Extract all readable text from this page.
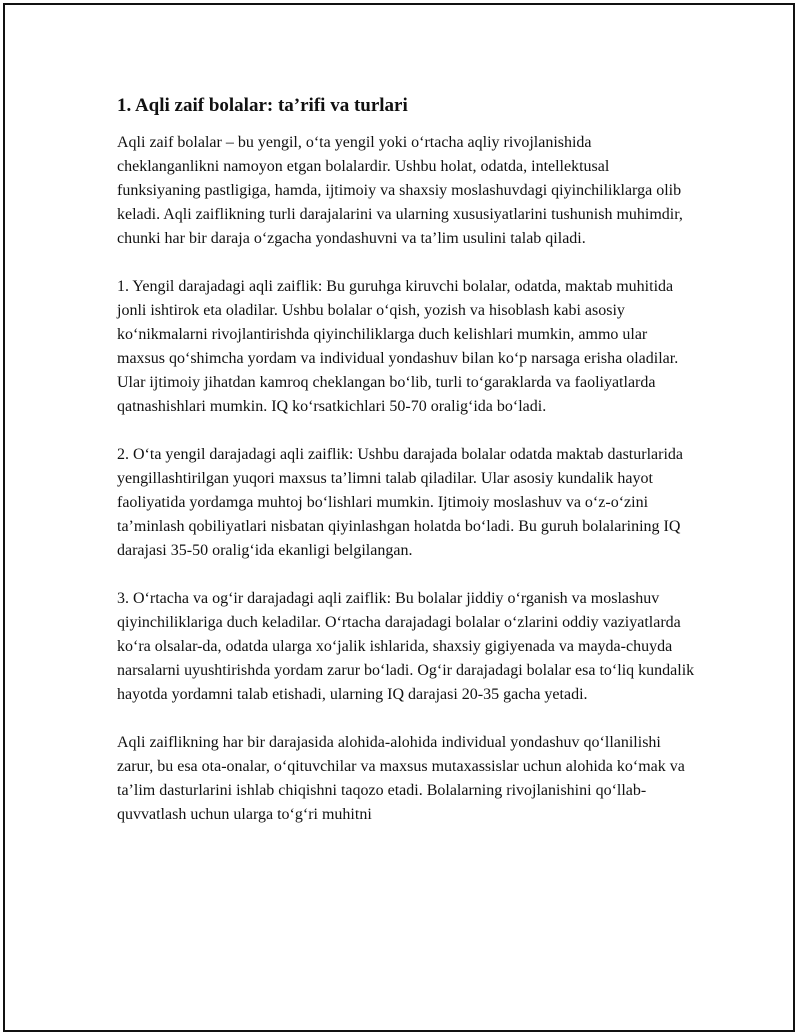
1. Aqli zaif bolalar: ta’rifi va turlari

Aqli zaif bolalar – bu yengil, o‘ta yengil yoki o‘rtacha aqliy rivojlanishida cheklanganlikni namoyon etgan bolalardir. Ushbu holat, odatda, intellektusal funksiyaning pastligiga, hamda, ijtimoiy va shaxsiy moslashuvdagi qiyinchiliklarga olib keladi. Aqli zaiflikning turli darajalarini va ularning xususiyatlarini tushunish muhimdir, chunki har bir daraja o‘zgacha yondashuvni va ta’lim usulini talab qiladi.

1. Yengil darajadagi aqli zaiflik: Bu guruhga kiruvchi bolalar, odatda, maktab muhitida jonli ishtirok eta oladilar. Ushbu bolalar o‘qish, yozish va hisoblash kabi asosiy ko‘nikmalarni rivojlantirishda qiyinchiliklarga duch kelishlari mumkin, ammo ular maxsus qo‘shimcha yordam va individual yondashuv bilan ko‘p narsaga erisha oladilar. Ular ijtimoiy jihatdan kamroq cheklangan bo‘lib, turli to‘garaklarda va faoliyatlarda qatnashishlari mumkin. IQ ko‘rsatkichlari 50-70 oralig‘ida bo‘ladi.

2. O‘ta yengil darajadagi aqli zaiflik: Ushbu darajada bolalar odatda maktab dasturlarida yengillashtirilgan yuqori maxsus ta’limni talab qiladilar. Ular asosiy kundalik hayot faoliyatida yordamga muhtoj bo‘lishlari mumkin. Ijtimoiy moslashuv va o‘z-o‘zini ta’minlash qobiliyatlari nisbatan qiyinlashgan holatda bo‘ladi. Bu guruh bolalarining IQ darajasi 35-50 oralig‘ida ekanligi belgilangan.

3. O‘rtacha va og‘ir darajadagi aqli zaiflik: Bu bolalar jiddiy o‘rganish va moslashuv qiyinchiliklariga duch keladilar. O‘rtacha darajadagi bolalar o‘zlarini oddiy vaziyatlarda ko‘ra olsalar-da, odatda ularga xo‘jalik ishlarida, shaxsiy gigiyenada va mayda-chuyda narsalarni uyushtirishda yordam zarur bo‘ladi. Og‘ir darajadagi bolalar esa to‘liq kundalik hayotda yordamni talab etishadi, ularning IQ darajasi 20-35 gacha yetadi.

Aqli zaiflikning har bir darajasida alohida-alohida individual yondashuv qo‘llanilishi zarur, bu esa ota-onalar, o‘qituvchilar va maxsus mutaxassislar uchun alohida ko‘mak va ta’lim dasturlarini ishlab chiqishni taqozo etadi. Bolalarning rivojlanishini qo‘llab-quvvatlash uchun ularga to‘g‘ri muhitni
